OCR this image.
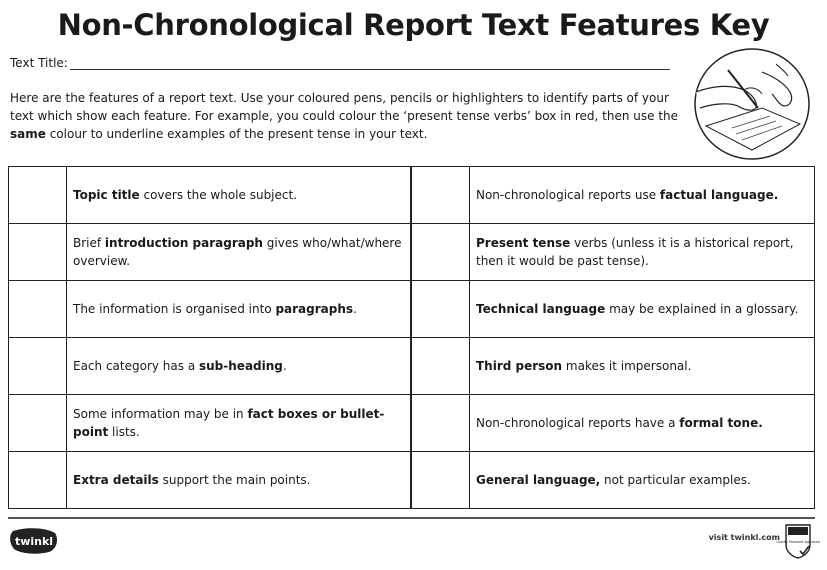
Non-Chronological Report Text Features Key
Text Title:

Here are the features of a report text. Use your coloured pens, pencils or highlighters to identify parts of your text which show each feature. For example, you could colour the ‘present tense verbs’ box in red, then use the same colour to underline examples of the present tense in your text.

	Topic title covers the whole subject.		Non-chronological reports use factual language.
	Brief introduction paragraph gives who/what/where overview.		Present tense verbs (unless it is a historical report, then it would be past tense).
	The information is organised into paragraphs.		Technical language may be explained in a glossary.
	Each category has a sub-heading.		Third person makes it impersonal.
	Some information may be in fact boxes or bullet-point lists.		Non-chronological reports have a formal tone.
	Extra details support the main points.		General language, not particular examples.
twinkl	visit twinkl.com
Quality Standard Approved
